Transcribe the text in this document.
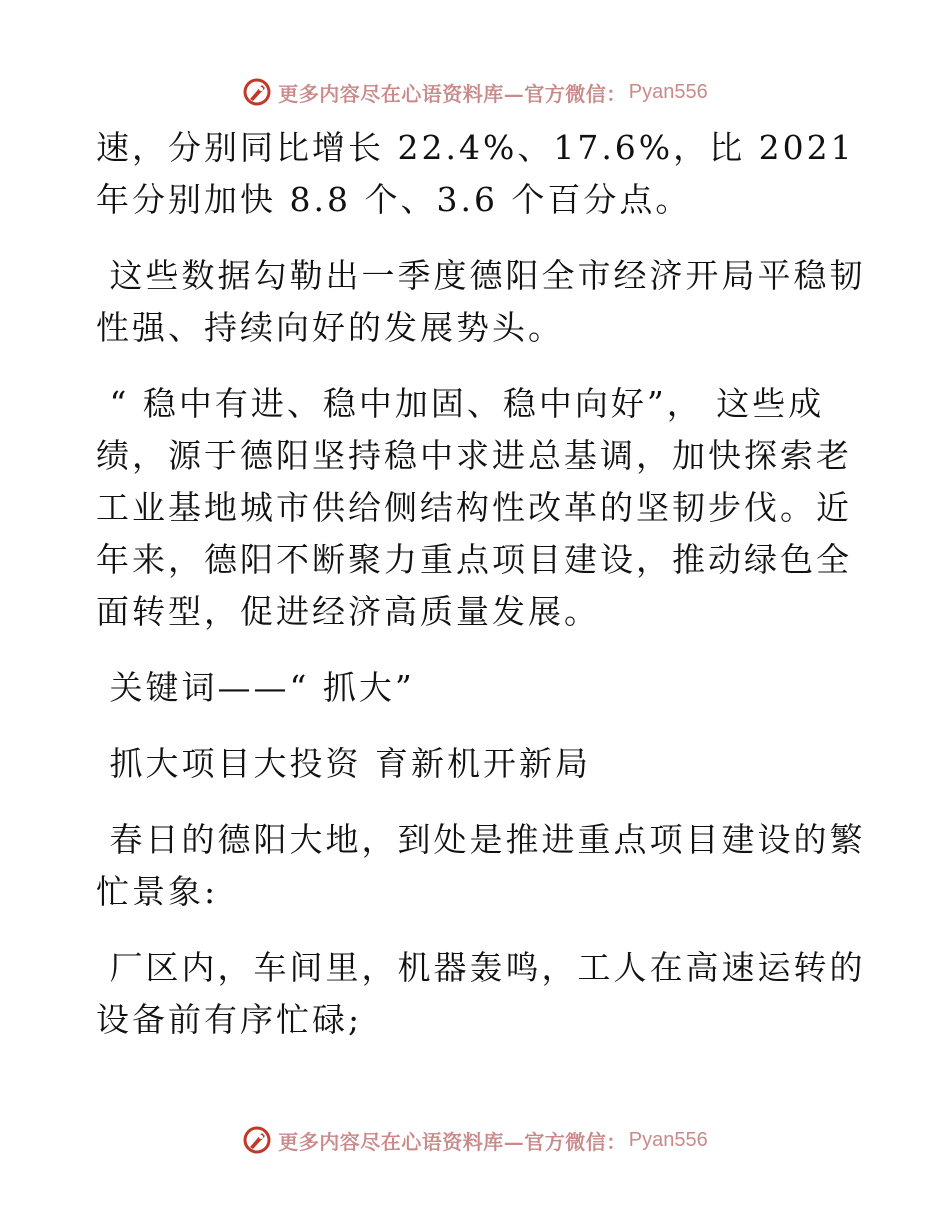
更多内容尽在心语资料库—官方微信： Pyan556

速，分别同比增长 22.4%、17.6%，比 2021 年分别加快 8.8 个、3.6 个百分点。

这些数据勾勒出一季度德阳全市经济开局平稳韧性强、持续向好的发展势头。

“ 稳中有进、稳中加固、稳中向好”， 这些成绩，源于德阳坚持稳中求进总基调，加快探索老工业基地城市供给侧结构性改革的坚韧步伐。近年来，德阳不断聚力重点项目建设，推动绿色全面转型，促进经济高质量发展。

关键词——“ 抓大”

抓大项目大投资 育新机开新局

春日的德阳大地，到处是推进重点项目建设的繁忙景象:

厂区内，车间里，机器轰鸣，工人在高速运转的设备前有序忙碌;

更多内容尽在心语资料库—官方微信： Pyan556
